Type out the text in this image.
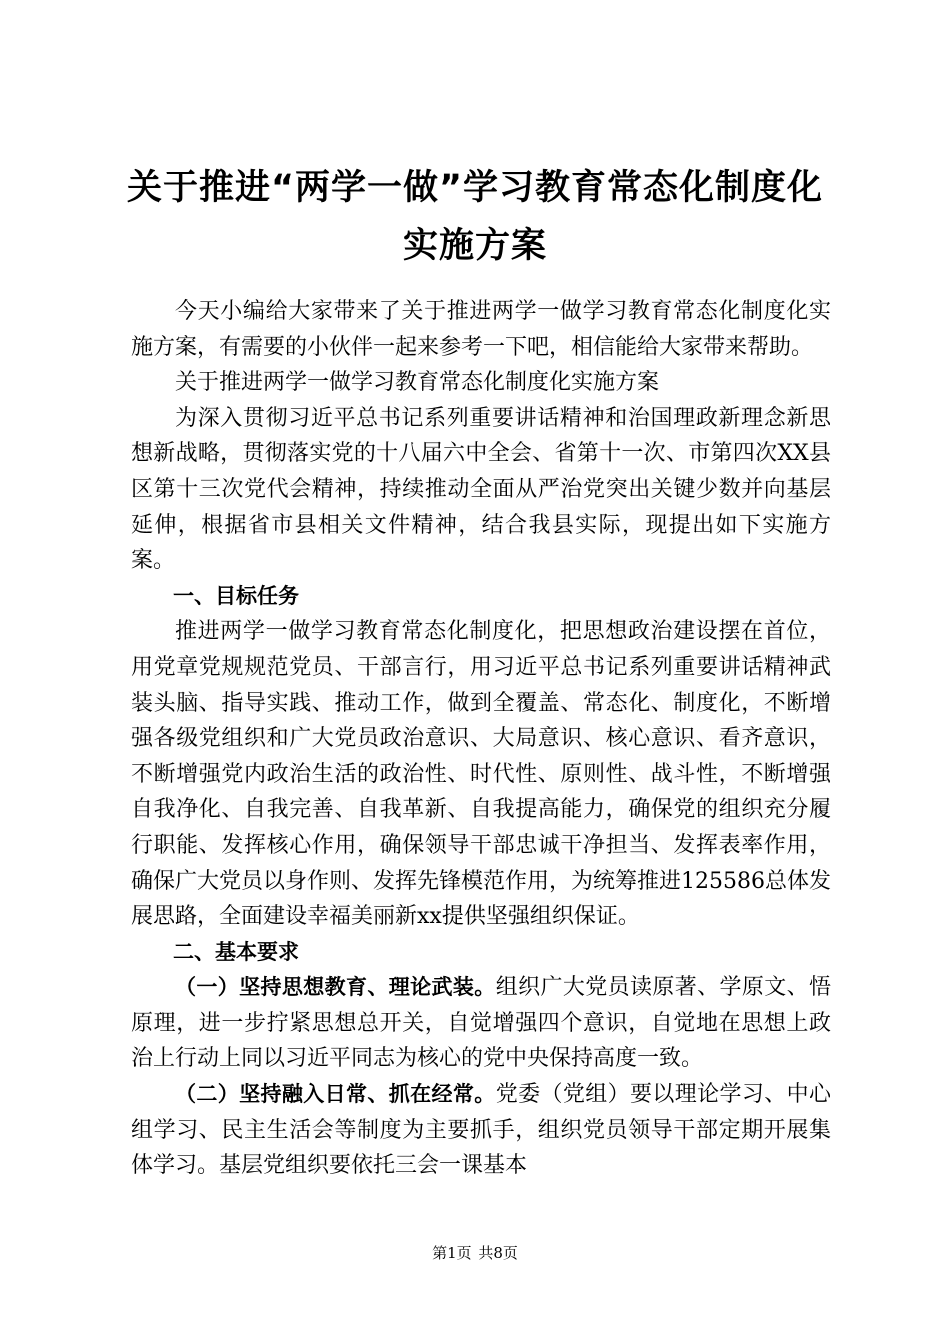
关于推进“两学一做”学习教育常态化制度化
实施方案

今天小编给大家带来了关于推进两学一做学习教育常态化制度化实施方案，有需要的小伙伴一起来参考一下吧，相信能给大家带来帮助。

关于推进两学一做学习教育常态化制度化实施方案

为深入贯彻习近平总书记系列重要讲话精神和治国理政新理念新思想新战略，贯彻落实党的十八届六中全会、省第十一次、市第四次XX县区第十三次党代会精神，持续推动全面从严治党突出关键少数并向基层延伸，根据省市县相关文件精神，结合我县实际，现提出如下实施方案。

一、目标任务

推进两学一做学习教育常态化制度化，把思想政治建设摆在首位，用党章党规规范党员、干部言行，用习近平总书记系列重要讲话精神武装头脑、指导实践、推动工作，做到全覆盖、常态化、制度化，不断增强各级党组织和广大党员政治意识、大局意识、核心意识、看齐意识，不断增强党内政治生活的政治性、时代性、原则性、战斗性，不断增强自我净化、自我完善、自我革新、自我提高能力，确保党的组织充分履行职能、发挥核心作用，确保领导干部忠诚干净担当、发挥表率作用，确保广大党员以身作则、发挥先锋模范作用，为统筹推进125586总体发展思路，全面建设幸福美丽新xx提供坚强组织保证。

二、基本要求

（一）坚持思想教育、理论武装。组织广大党员读原著、学原文、悟原理，进一步拧紧思想总开关，自觉增强四个意识，自觉地在思想上政治上行动上同以习近平同志为核心的党中央保持高度一致。

（二）坚持融入日常、抓在经常。党委（党组）要以理论学习、中心组学习、民主生活会等制度为主要抓手，组织党员领导干部定期开展集体学习。基层党组织要依托三会一课基本

第1页 共8页
